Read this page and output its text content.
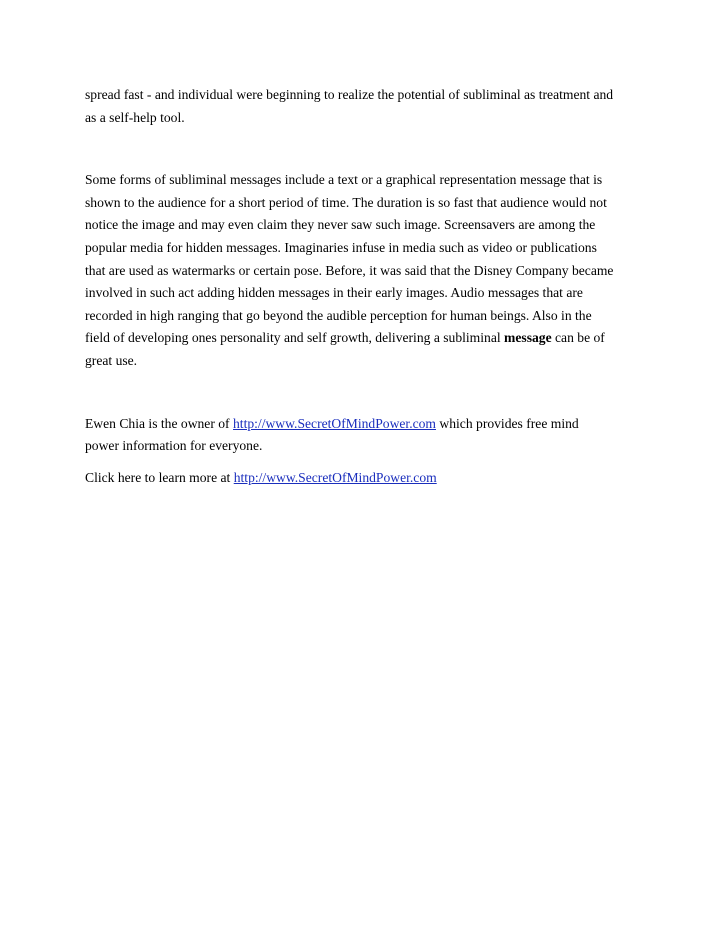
spread fast - and individual were beginning to realize the potential of subliminal as treatment and
as a self-help tool.

Some forms of subliminal messages include a text or a graphical representation message that is
shown to the audience for a short period of time. The duration is so fast that audience would not
notice the image and may even claim they never saw such image. Screensavers are among the
popular media for hidden messages. Imaginaries infuse in media such as video or publications
that are used as watermarks or certain pose. Before, it was said that the Disney Company became
involved in such act adding hidden messages in their early images. Audio messages that are
recorded in high ranging that go beyond the audible perception for human beings. Also in the
field of developing ones personality and self growth, delivering a subliminal message can be of
great use.

Ewen Chia is the owner of http://www.SecretOfMindPower.com which provides free mind
power information for everyone.

Click here to learn more at http://www.SecretOfMindPower.com
